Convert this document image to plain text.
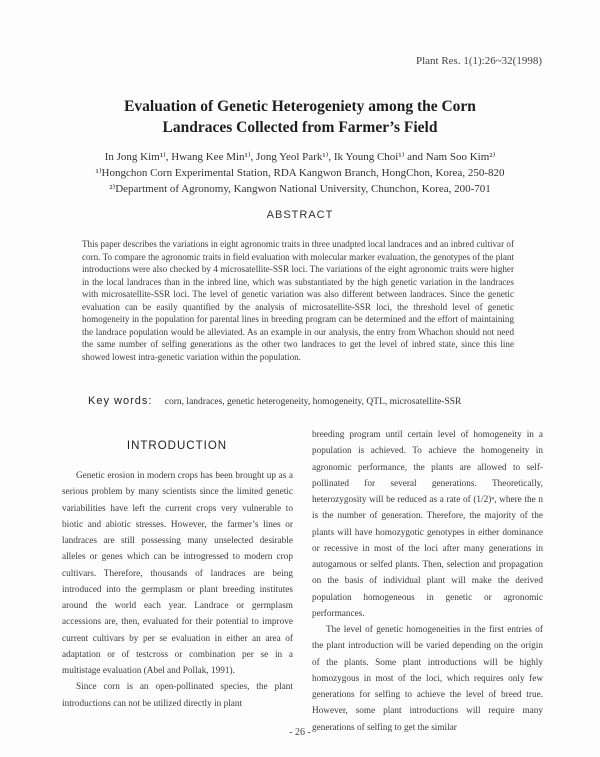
Plant Res. 1(1):26~32(1998)
Evaluation of Genetic Heterogeniety among the Corn
Landraces Collected from Farmer’s Field
In Jong Kim¹⁾, Hwang Kee Min¹⁾, Jong Yeol Park¹⁾, Ik Young Choi¹⁾ and Nam Soo Kim²⁾
¹⁾Hongchon Corn Experimental Station, RDA Kangwon Branch, HongChon, Korea, 250-820
²⁾Department of Agronomy, Kangwon National University, Chunchon, Korea, 200-701
ABSTRACT
This paper describes the variations in eight agronomic traits in three unadpted local landraces and an inbred cultivar of corn. To compare the agronomic traits in field evaluation with molecular marker evaluation, the genotypes of the plant introductions were also checked by 4 microsatellite-SSR loci. The variations of the eight agronomic traits were higher in the local landraces than in the inbred line, which was substantiated by the high genetic variation in the landraces with microsatellite-SSR loci. The level of genetic variation was also different between landraces. Since the genetic evaluation can be easily quantified by the analysis of microsatellite-SSR loci, the threshold level of genetic homogeneity in the population for parental lines in breeding program can be determined and the effort of maintaining the landrace population would be alleviated. As an example in our analysis, the entry from Whachon should not need the same number of selfing generations as the other two landraces to get the level of inbred state, since this line showed lowest intra-genetic variation within the population.
Key words: corn, landraces, genetic heterogeneity, homogeneity, QTL, microsatellite-SSR
INTRODUCTION

Genetic erosion in modern crops has been brought up as a serious problem by many scientists since the limited genetic variabilities have left the current crops very vulnerable to biotic and abiotic stresses. However, the farmer’s lines or landraces are still possessing many unselected desirable alleles or genes which can be introgressed to modern crop cultivars. Therefore, thousands of landraces are being introduced into the germplasm or plant breeding institutes around the world each year. Landrace or germplasm accessions are, then, evaluated for their potential to improve current cultivars by per se evaluation in either an area of adaptation or of testcross or combination per se in a multistage evaluation (Abel and Pollak, 1991).

Since corn is an open-pollinated species, the plant introductions can not be utilized directly in plant

breeding program until certain level of homogeneity in a population is achieved. To achieve the homogeneity in agronomic performance, the plants are allowed to self-pollinated for several generations. Theoretically, heterozygosity will be reduced as a rate of (1/2)ⁿ, where the n is the number of generation. Therefore, the majority of the plants will have homozygotic genotypes in either dominance or recessive in most of the loci after many generations in autogamous or selfed plants. Then, selection and propagation on the basis of individual plant will make the derived population homogeneous in genetic or agronomic performances.

The level of genetic homogeneities in the first entries of the plant introduction will be varied depending on the origin of the plants. Some plant introductions will be highly homozygous in most of the loci, which requires only few generations for selfing to achieve the level of breed true. However, some plant introductions will require many generations of selfing to get the similar

- 26 -
